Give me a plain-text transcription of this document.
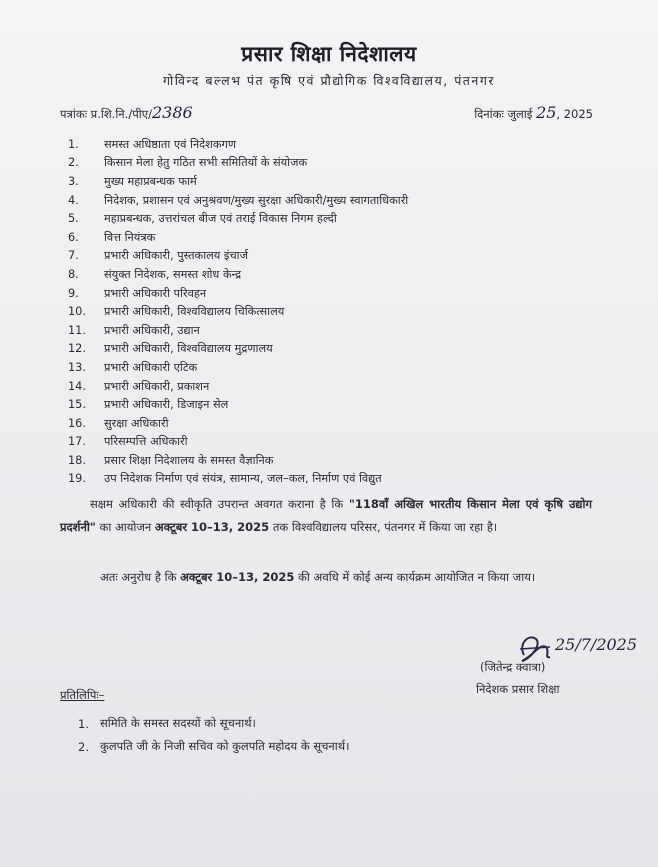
प्रसार शिक्षा निदेशालय
गोविन्द बल्लभ पंत कृषि एवं प्रौद्योगिक विश्वविद्यालय, पंतनगर
पत्रांकः प्र.शि.नि./पीए/2386	दिनांकः जुलाई 25, 2025
1.	समस्त अधिष्ठाता एवं निदेशकगण
2.	किसान मेला हेतु गठित सभी समितियों के संयोजक
3.	मुख्य महाप्रबन्धक फार्म
4.	निदेशक, प्रशासन एवं अनुश्रवण/मुख्य सुरक्षा अधिकारी/मुख्य स्वागताधिकारी
5.	महाप्रबन्धक, उत्तरांचल बीज एवं तराई विकास निगम हल्दी
6.	वित्त नियंत्रक
7.	प्रभारी अधिकारी, पुस्तकालय इंचार्ज
8.	संयुक्त निदेशक, समस्त शोध केन्द्र
9.	प्रभारी अधिकारी परिवहन
10.	प्रभारी अधिकारी, विश्वविद्यालय चिकित्सालय
11.	प्रभारी अधिकारी, उद्यान
12.	प्रभारी अधिकारी, विश्वविद्यालय मुद्रणालय
13.	प्रभारी अधिकारी एटिक
14.	प्रभारी अधिकारी, प्रकाशन
15.	प्रभारी अधिकारी, डिजाइन सेल
16.	सुरक्षा अधिकारी
17.	परिसम्पत्ति अधिकारी
18.	प्रसार शिक्षा निदेशालय के समस्त वैज्ञानिक
19.	उप निदेशक निर्माण एवं संयंत्र, सामान्य, जल–कल, निर्माण एवं विद्युत

सक्षम अधिकारी की स्वीकृति उपरान्त अवगत कराना है कि "118वाँ अखिल भारतीय किसान मेला एवं कृषि उद्योग प्रदर्शनी" का आयोजन अक्टूबर 10–13, 2025 तक विश्वविद्यालय परिसर, पंतनगर में किया जा रहा है।

अतः अनुरोध है कि अक्टूबर 10–13, 2025 की अवधि में कोई अन्य कार्यक्रम आयोजित न किया जाय।

25/7/2025
(जितेन्द्र क्वात्रा)
निदेशक प्रसार शिक्षा
प्रतिलिपिः–
1. समिति के समस्त सदस्यों को सूचनार्थ।
2. कुलपति जी के निजी सचिव को कुलपति महोदय के सूचनार्थ।
